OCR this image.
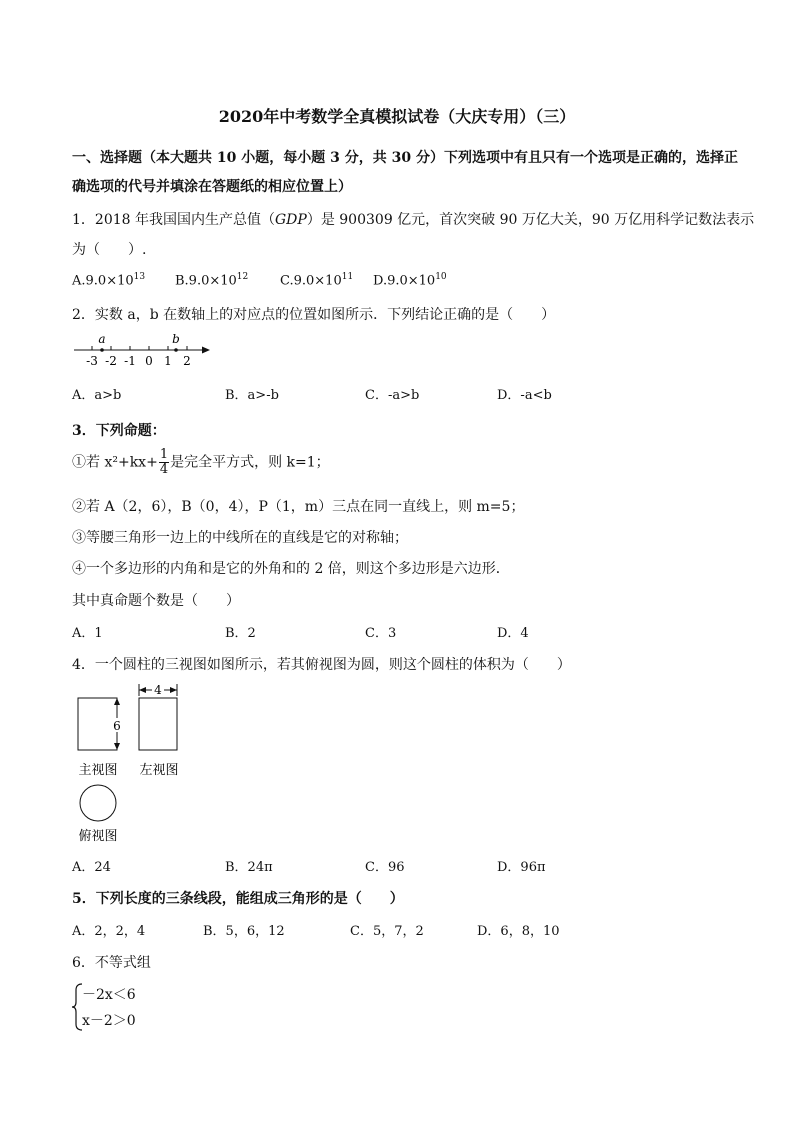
2020年中考数学全真模拟试卷（大庆专用）（三）
一、选择题（本大题共 10 小题，每小题 3 分，共 30 分）下列选项中有且只有一个选项是正确的，选择正
确选项的代号并填涂在答题纸的相应位置上）
1．2018 年我国国内生产总值（GDP）是 900309 亿元，首次突破 90 万亿大关，90 万亿用科学记数法表示
为（　　）.
$A.9.0\times 10^{13}$ $B.9.0\times 10^{12}$ $C.9.0\times 10^{11}$ $D.9.0\times 10^{10}$
2．实数 a，b 在数轴上的对应点的位置如图所示．下列结论正确的是（　　）
a	b
-3 -2 -1 0 1 2
A．a>b	B．a>-b	C．-a>b	D．-a<b
3．下列命题：
①若 $x^2+kx+ \frac{1}{4}$ 是完全平方式，则 k=1；
②若 A（2，6），B（0，4），P（1，m）三点在同一直线上，则 m=5；
③等腰三角形一边上的中线所在的直线是它的对称轴；
④一个多边形的内角和是它的外角和的 2 倍，则这个多边形是六边形．
其中真命题个数是（　　）
A．1	B．2	C．3	D．4
4．一个圆柱的三视图如图所示，若其俯视图为圆，则这个圆柱的体积为（　　）
6
4
主视图 左视图
俯视图
A．24	B．24π	C．96	D．96π
5．下列长度的三条线段，能组成三角形的是（　　）
A．2，2，4	B．5，6，12	C．5，7，2	D．6，8，10
6．不等式组
－2x＜6
x－2＞0
